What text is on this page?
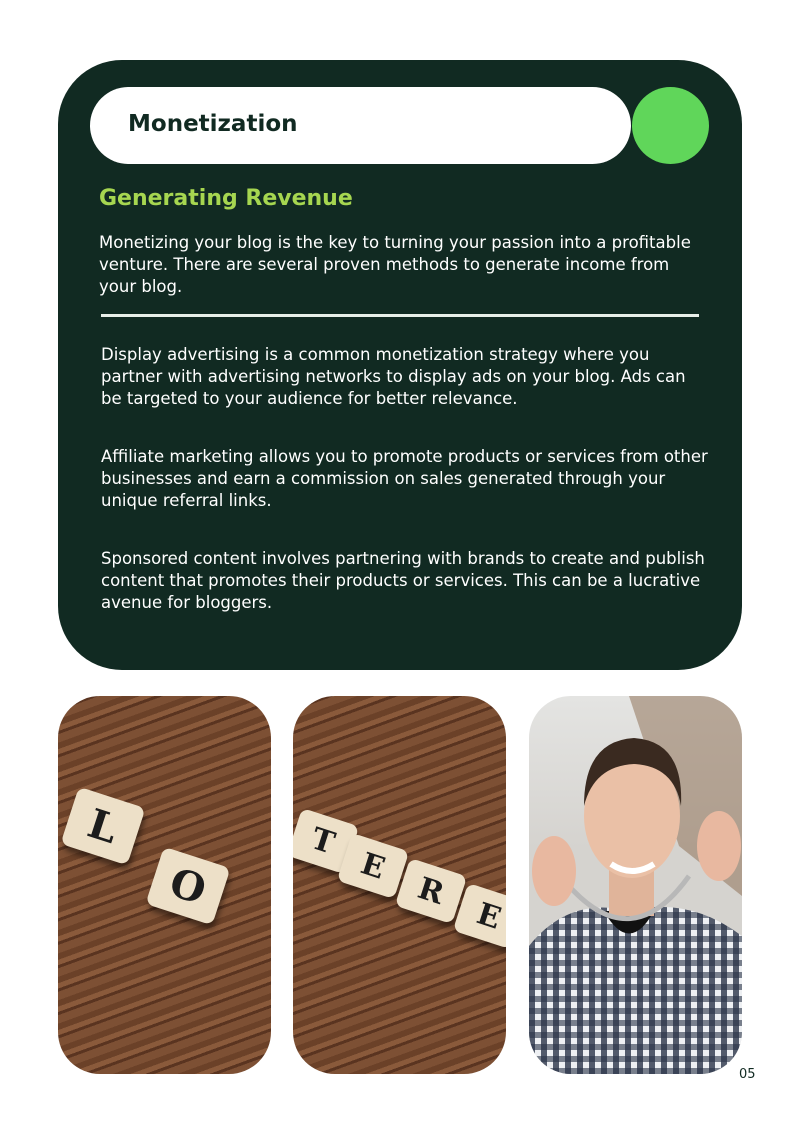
Monetization
Generating Revenue

Monetizing your blog is the key to turning your passion into a profitable venture. There are several proven methods to generate income from your blog.

Display advertising is a common monetization strategy where you partner with advertising networks to display ads on your blog. Ads can be targeted to your audience for better relevance.

Affiliate marketing allows you to promote products or services from other businesses and earn a commission on sales generated through your unique referral links.

Sponsored content involves partnering with brands to create and publish content that promotes their products or services. This can be a lucrative avenue for bloggers.

L
O
T
E
R
E
05
